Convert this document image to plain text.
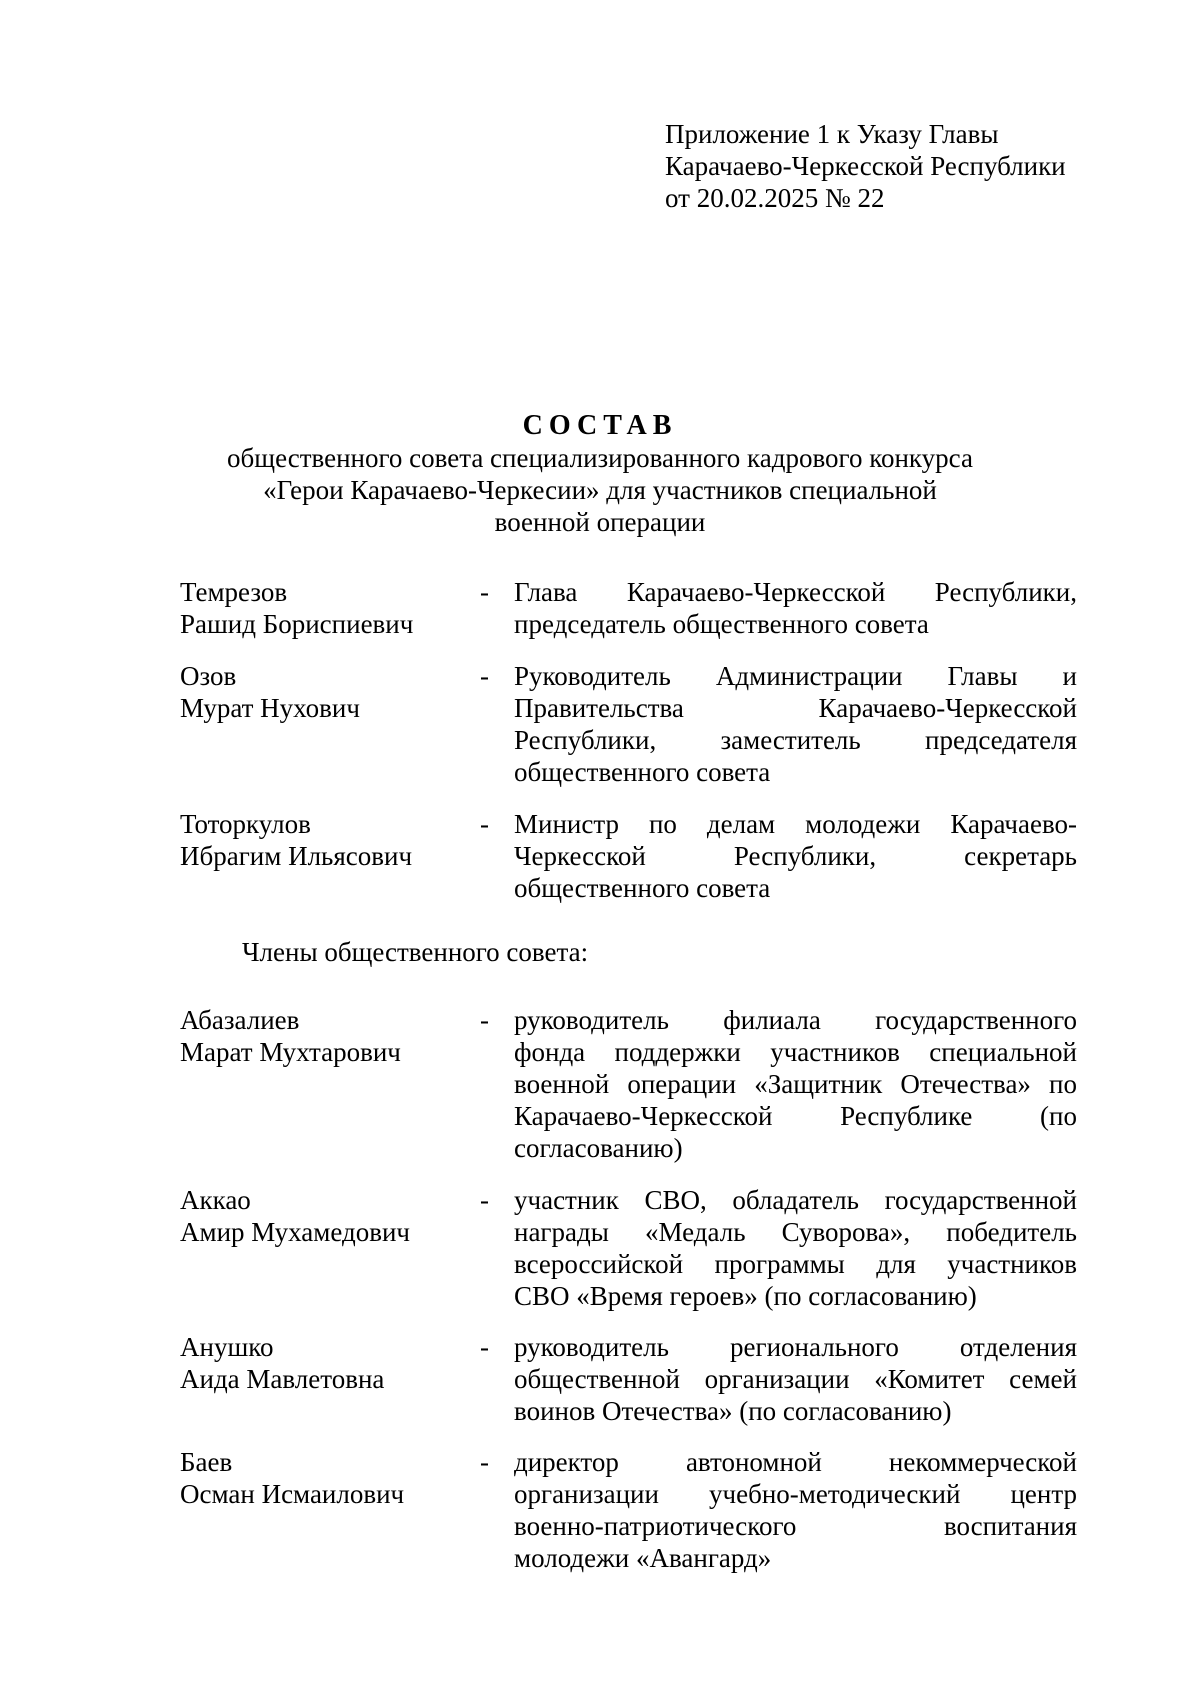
Приложение 1 к Указу Главы
Карачаево-Черкесской Республики
от 20.02.2025 № 22
СОСТАВ
общественного совета специализированного кадрового конкурса
«Герои Карачаево-Черкесии» для участников специальной
военной операции
Темрезов
Рашид Бориспиевич
- Глава Карачаево-Черкесской Республики,
председатель общественного совета
Озов
Мурат Нухович
- Руководитель Администрации Главы и
Правительства Карачаево-Черкесской
Республики, заместитель председателя
общественного совета
Тоторкулов
Ибрагим Ильясович
- Министр по делам молодежи Карачаево-
Черкесской Республики, секретарь
общественного совета
Члены общественного совета:
Абазалиев
Марат Мухтарович
- руководитель филиала государственного
фонда поддержки участников специальной
военной операции «Защитник Отечества» по
Карачаево-Черкесской Республике (по
согласованию)
Аккао
Амир Мухамедович
- участник СВО, обладатель государственной
награды «Медаль Суворова», победитель
всероссийской программы для участников
СВО «Время героев» (по согласованию)
Анушко
Аида Мавлетовна
- руководитель регионального отделения
общественной организации «Комитет семей
воинов Отечества» (по согласованию)
Баев
Осман Исмаилович
- директор автономной некоммерческой
организации учебно-методический центр
военно-патриотического воспитания
молодежи «Авангард»
